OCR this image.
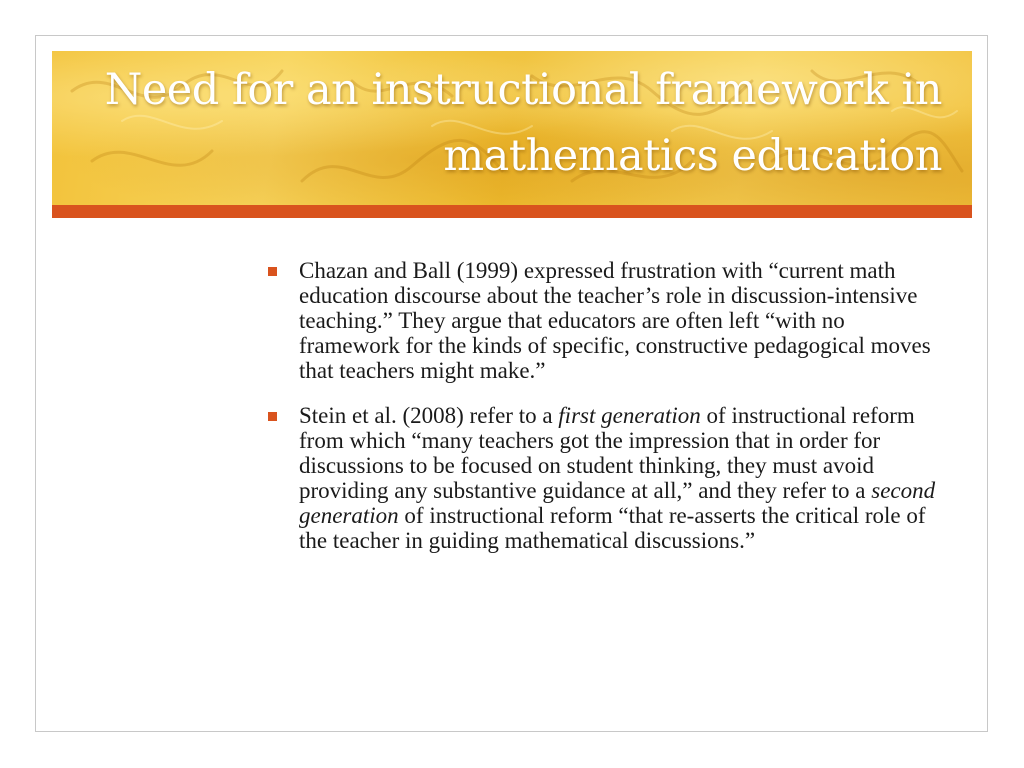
Need for an instructional framework in
mathematics education
Chazan and Ball (1999) expressed frustration with “current math education discourse about the teacher’s role in discussion-intensive teaching.” They argue that educators are often left “with no framework for the kinds of specific, constructive pedagogical moves that teachers might make.”
Stein et al. (2008) refer to a first generation of instructional reform from which “many teachers got the impression that in order for discussions to be focused on student thinking, they must avoid providing any substantive guidance at all,” and they refer to a second generation of instructional reform “that re-asserts the critical role of the teacher in guiding mathematical discussions.”
